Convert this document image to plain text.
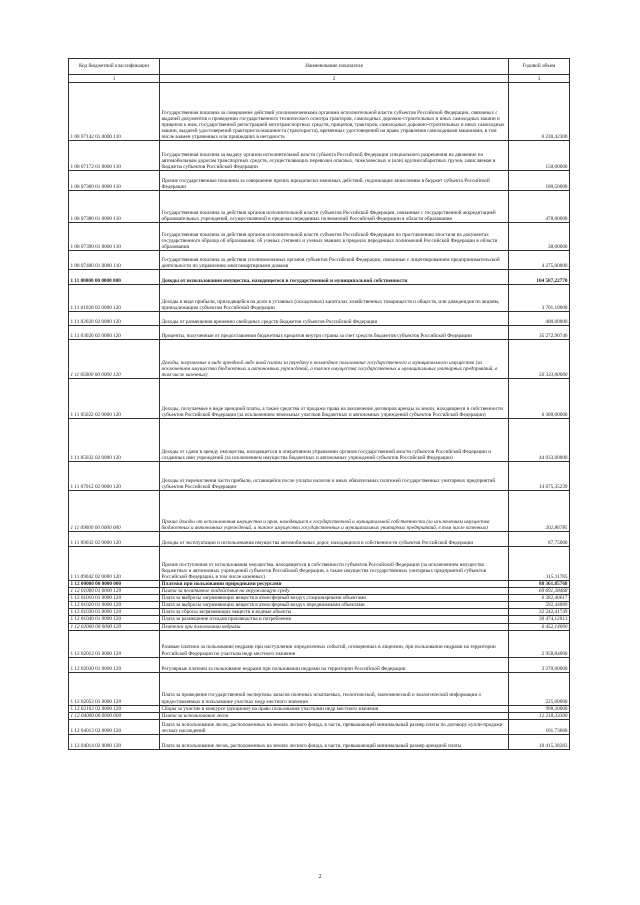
Код бюджетной классификации	Наименование показателя	Годовой объем
1	2	3
1 08 07142 01 0000 110	Государственная пошлина за совершение действий уполномоченными органами исполнительной власти субъектов Российской Федерации, связанных с выдачей документов о проведении государственного технического осмотра тракторов, самоходных дорожно-строительных и иных самоходных машин и прицепов к ним, государственной регистрацией мототранспортных средств, прицепов, тракторов, самоходных дорожно-строительных и иных самоходных машин, выдачей удостоверений тракториста-машиниста (тракториста), временных удостоверений на право управления самоходными машинами, в том числе взамен утраченных или пришедших в негодность	6 230,42300
1 08 07172 01 0000 110	Государственная пошлина за выдачу органом исполнительной власти субъекта Российской Федерации специального разрешения на движение по автомобильным дорогам транспортных средств, осуществляющих перевозки опасных, тяжеловесных и (или) крупногабаритных грузов, зачисляемая в бюджеты субъектов Российской Федерации	150,00000
1 08 07300 01 0000 110	Прочие государственные пошлины за совершение прочих юридически значимых действий, подлежащие зачислению в бюджет субъекта Российской Федерации	180,50000
1 08 07380 01 0000 110	Государственная пошлина за действия органов исполнительной власти субъектов Российской Федерации, связанные с государственной аккредитацией образовательных учреждений, осуществляемой в пределах переданных полномочий Российской Федерации в области образования	478,00000
1 08 07390 01 0000 110	Государственная пошлина за действия органов исполнительной власти субъектов Российской Федерации по проставлению апостиля на документах государственного образца об образовании, об ученых степенях и ученых званиях в пределах переданных полномочий Российской Федерации в области образования	30,00000
1 08 07400 01 0000 110	Государственная пошлина за действия уполномоченных органов субъектов Российской Федерации, связанные с лицензированием предпринимательской деятельности по управлению многоквартирными домами	4 275,00000
1 11 00000 00 0000 000	Доходы от использования имущества, находящегося в государственной и муниципальной собственности	104 587,22770
1 11 01020 02 0000 120	Доходы в виде прибыли, приходящейся на доли в уставных (складочных) капиталах хозяйственных товариществ и обществ, или дивидендов по акциям, принадлежащим субъектам Российской Федерации	3 701,10000
1 11 02020 02 0000 120	Доходы от размещения временно свободных средств бюджетов субъектов Российской Федерации	400,00000
1 11 03020 02 0000 120	Проценты, полученные от предоставления бюджетных кредитов внутри страны за счет средств бюджетов субъектов Российской Федерации	35 272,90746
1 11 05000 00 0000 120	Доходы, получаемые в виде арендной либо иной платы за передачу в возмездное пользование государственного и муниципального имущества (за исключением имущества бюджетных и автономных учреждений, а также имущества государственных и муниципальных унитарных предприятий, в том числе казенных)	50 333,00000
1 11 05022 02 0000 120	Доходы, получаемые в виде арендной платы, а также средства от продажи права на заключение договоров аренды за земли, находящиеся в собственности субъектов Российской Федерации (за исключением земельных участков бюджетных и автономных учреждений субъектов Российской Федерации)	6 300,00000
1 11 05032 02 0000 120	Доходы от сдачи в аренду имущества, находящегося в оперативном управлении органов государственной власти субъектов Российской Федерации и созданных ими учреждений (за исключением имущества бюджетных и автономных учреждений субъектов Российской Федерации)	44 033,00000
1 11 07012 02 0000 120	Доходы от перечисления части прибыли, остающейся после уплаты налогов и иных обязательных платежей государственных унитарных предприятий субъектов Российской Федерации	14 675,35239
1 11 09000 00 0000 000	Прочие доходы от использования имущества и прав, находящихся в государственной и муниципальной собственности (за исключением имущества бюджетных и автономных учреждений, а также имущества государственных и муниципальных унитарных предприятий, в том числе казенных)	202,86785
1 11 09032 02 0000 120	Доходы от эксплуатации и использования имущества автомобильных дорог, находящихся в собственности субъектов Российской Федерации	87,75000
1 11 09042 02 0000 120	Прочие поступления от использования имущества, находящегося в собственности субъектов Российской Федерации (за исключением имущества бюджетных и автономных учреждений субъектов Российской Федерации, а также имущества государственных унитарных предприятий субъектов Российской Федерации, в том числе казенных)	115,11785
1 12 00000 00 0000 000	Платежи при пользовании природными ресурсами	88 361,85768
1 12 01000 01 0000 120	Плата за негативное воздействие на окружающую среду	69 691,38468
1 12 01010 01 0000 120	Плата за выбросы загрязняющих веществ в атмосферный воздух стационарными объектами	6 382,40617
1 12 01020 01 0000 120	Плата за выбросы загрязняющих веществ в атмосферный воздух передвижными объектами	592,44089
1 12 01030 01 0000 120	Плата за сбросы загрязняющих веществ в водные объекты	32 242,41749
1 12 01040 01 0000 120	Плата за размещение отходов производства и потребления	30 474,12013
1 12 02000 00 0000 120	Платежи при пользовании недрами	6 452,14000
1 12 02012 01 0000 120	Разовые платежи за пользование недрами при наступлении определенных событий, оговоренных в лицензии, при пользовании недрами на территории Российской Федерации по участкам недр местного значения	2 958,84000
1 12 02030 01 0000 120	Регулярные платежи за пользование недрами при пользовании недрами на территории Российской Федерации	3 270,00000
1 12 02052 01 0000 120	Плата за проведение государственной экспертизы запасов полезных ископаемых, геологической, экономической и экологической информации о предоставляемых в пользование участках недр местного значения	225,00000
1 12 02102 02 0000 120	Сборы за участие в конкурсе (аукционе) на право пользования участками недр местного значения	998,30000
1 12 04000 00 0000 000	Плата за использование лесов	12 218,33300
1 12 04013 02 0000 120	Плата за использование лесов, расположенных на землях лесного фонда, в части, превышающей минимальный размер платы по договору купли-продажи лесных насаждений	101,73668
1 12 04014 02 0000 120	Плата за использование лесов, расположенных на землях лесного фонда, в части, превышающей минимальный размер арендной платы	10 415,38283
2
